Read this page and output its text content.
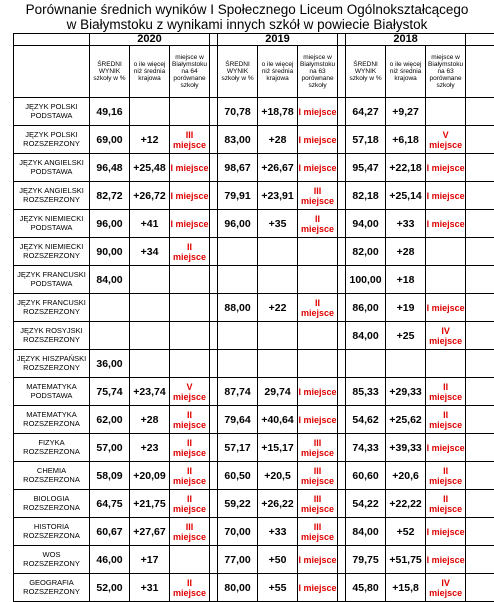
Porównanie średnich wyników I Społecznego Liceum Ogólnokształcącego
w Białymstoku z wynikami innych szkół w powiecie Białystok
	2020				2019				2018			
	ŚREDNI WYNIK szkoły w %	o ile więcej niż średnia krajowa	miejsce w Białymstoku na 64 porównane szkoły		ŚREDNI WYNIK szkoły w %	o ile więcej niż średnia krajowa	miejsce w Białymstoku na 63 porównane szkoły		ŚREDNI WYNIK szkoły w %	o ile więcej niż średnia krajowa	miejsce w Białymstoku na 63 porównane szkoły	
JĘZYK POLSKI PODSTAWA	49,16				70,78	+18,78	I miejsce		64,27	+9,27		
JĘZYK POLSKI ROZSZERZONY	69,00	+12	III miejsce		83,00	+28	I miejsce		57,18	+6,18	V miejsce	
JĘZYK ANGIELSKI PODSTAWA	96,48	+25,48	I miejsce		98,67	+26,67	I miejsce		95,47	+22,18	I miejsce	
JĘZYK ANGIELSKI ROZSZERZONY	82,72	+26,72	I miejsce		79,91	+23,91	III miejsce		82,18	+25,14	I miejsce	
JĘZYK NIEMIECKI PODSTAWA	96,00	+41	I miejsce		96,00	+35	II miejsce		94,00	+33	I miejsce	
JĘZYK NIEMIECKI ROZSZERZONY	90,00	+34	II miejsce						82,00	+28		
JĘZYK FRANCUSKI PODSTAWA	84,00								100,00	+18		
JĘZYK FRANCUSKI ROZSZERZONY					88,00	+22	II miejsce		86,00	+19	I miejsce	
JĘZYK ROSYJSKI ROZSZERZONY									84,00	+25	IV miejsce	
JĘZYK HISZPAŃSKI ROZSZERZONY	36,00											
MATEMATYKA PODSTAWA	75,74	+23,74	V miejsce		87,74	29,74	I miejsce		85,33	+29,33	II miejsce	
MATEMATYKA ROZSZERZONA	62,00	+28	II miejsce		79,64	+40,64	I miejsce		54,62	+25,62	II miejsce	
FIZYKA ROZSZERZONA	57,00	+23	II miejsce		57,17	+15,17	III miejsce		74,33	+39,33	I miejsce	
CHEMIA ROZSZERZONA	58,09	+20,09	II miejsce		60,50	+20,5	III miejsce		60,60	+20,6	II miejsce	
BIOLOGIA ROZSZERZONA	64,75	+21,75	II miejsce		59,22	+26,22	III miejsce		54,22	+22,22	II miejsce	
HISTORIA ROZSZERZONA	60,67	+27,67	III miejsce		70,00	+33	III miejsce		84,00	+52	I miejsce	
WOS ROZSZERZONY	46,00	+17			77,00	+50	I miejsce		79,75	+51,75	I miejsce	
GEOGRAFIA ROZSZERZONY	52,00	+31	II miejsce		80,00	+55	I miejsce		45,80	+15,8	IV miejsce	
